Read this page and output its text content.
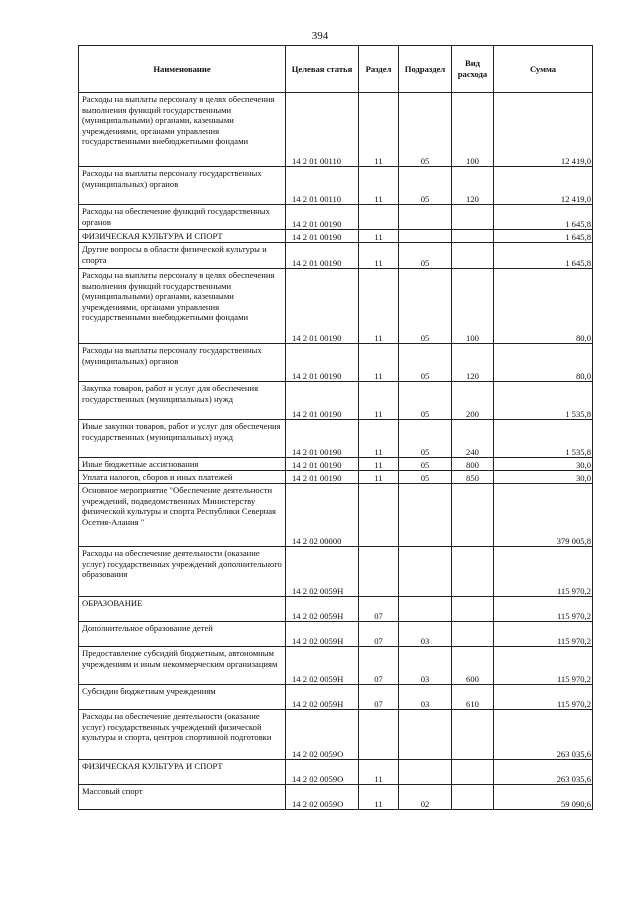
394
Наименование	Целевая статья	Раздел	Подраздел	Вид расхода	Сумма
Расходы на выплаты персоналу в целях обеспечения выполнения функций государственными (муниципальными) органами, казенными учреждениями, органами управления государственными внебюджетными фондами	14 2 01 00110	11	05	100	12 419,0
Расходы на выплаты персоналу государственных (муниципальных) органов	14 2 01 00110	11	05	120	12 419,0
Расходы на обеспечение функций государственных органов	14 2 01 00190				1 645,8
ФИЗИЧЕСКАЯ КУЛЬТУРА И СПОРТ	14 2 01 00190	11			1 645,8
Другие вопросы в области физической культуры и спорта	14 2 01 00190	11	05		1 645,8
Расходы на выплаты персоналу в целях обеспечения выполнения функций государственными (муниципальными) органами, казенными учреждениями, органами управления государственными внебюджетными фондами	14 2 01 00190	11	05	100	80,0
Расходы на выплаты персоналу государственных (муниципальных) органов	14 2 01 00190	11	05	120	80,0
Закупка товаров, работ и услуг для обеспечения государственных (муниципальных) нужд	14 2 01 00190	11	05	200	1 535,8
Иные закупки товаров, работ и услуг для обеспечения государственных (муниципальных) нужд	14 2 01 00190	11	05	240	1 535,8
Иные бюджетные ассигнования	14 2 01 00190	11	05	800	30,0
Уплата налогов, сборов и иных платежей	14 2 01 00190	11	05	850	30,0
Основное мероприятие "Обеспечение деятельности учреждений, подведомственных Министерству физической культуры и спорта Республики Северная Осетия-Алания "	14 2 02 00000				379 005,8
Расходы на обеспечение деятельности (оказание услуг) государственных учреждений дополнительного образования	14 2 02 0059Н				115 970,2
ОБРАЗОВАНИЕ	14 2 02 0059Н	07			115 970,2
Дополнительное образование детей	14 2 02 0059Н	07	03		115 970,2
Предоставление субсидий бюджетным, автономным учреждениям и иным некоммерческим организациям	14 2 02 0059Н	07	03	600	115 970,2
Субсидии бюджетным учреждениям	14 2 02 0059Н	07	03	610	115 970,2
Расходы на обеспечение деятельности (оказание услуг) государственных учреждений физической культуры и спорта, центров спортивной подготовки	14 2 02 0059О				263 035,6
ФИЗИЧЕСКАЯ КУЛЬТУРА И СПОРТ	14 2 02 0059О	11			263 035,6
Массовый спорт	14 2 02 0059О	11	02		59 090,6
